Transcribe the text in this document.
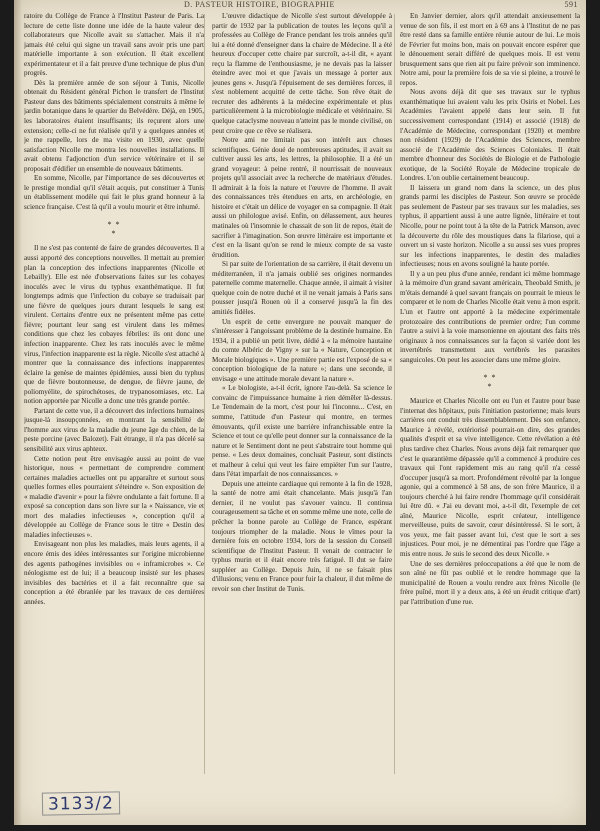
D. PASTEUR HISTOIRE, BIOGRAPHIE	591

ratoire du Collège de France à l'Institut Pasteur de Paris. La lecture de cette liste donne une idée de la haute valeur des collaborateurs que Nicolle avait su s'attacher. Mais il n'a jamais été celui qui signe un travail sans avoir pris une part matérielle importante à son exécution. Il était excellent expérimentateur et il a fait preuve d'une technique de plus d'un progrès.

Dès la première année de son séjour à Tunis, Nicolle obtenait du Résident général Pichon le transfert de l'Institut Pasteur dans des bâtiments spécialement construits à même le jardin botanique dans le quartier du Belvédère. Déjà, en 1905, les laboratoires étaient insuffisants; ils reçurent alors une extension; celle-ci ne fut réalisée qu'il y a quelques années et je me rappelle, lors de ma visite en 1930, avec quelle satisfaction Nicolle me montra les nouvelles installations. Il avait obtenu l'adjonction d'un service vétérinaire et il se proposait d'édifier un ensemble de nouveaux bâtiments.

En somme, Nicolle, par l'importance de ses découvertes et le prestige mondial qu'il s'était acquis, put constituer à Tunis un établissement modèle qui fait le plus grand honneur à la science française. C'est là qu'il a voulu mourir et être inhumé.

* *
*

Il ne s'est pas contenté de faire de grandes découvertes. Il a aussi apporté des conceptions nouvelles. Il mettait au premier plan la conception des infections inapparentes (Nicolle et Lebailly). Elle est née d'observations faites sur les cobayes inoculés avec le virus du typhus exanthématique. Il fut longtemps admis que l'infection du cobaye se traduisait par une fièvre de quelques jours durant lesquels le sang est virulent. Certains d'entre eux ne présentent même pas cette fièvre; pourtant leur sang est virulent dans les mêmes conditions que chez les cobayes fébriles: ils ont donc une infection inapparente. Chez les rats inoculés avec le même virus, l'infection inapparente est la règle. Nicolle s'est attaché à montrer que la connaissance des infections inapparentes éclaire la genèse de maintes épidémies, aussi bien du typhus que de fièvre boutonneuse, de dengue, de fièvre jaune, de poliomyélite, de spirochétoses, de trypanosomiases, etc. La notion apportée par Nicolle a donc une très grande portée.

Partant de cette vue, il a découvert des infections humaines jusque-là insoupçonnées, en montrant la sensibilité de l'homme aux virus de la maladie du jeune âge du chien, de la peste porcine (avec Balozet). Fait étrange, il n'a pas décelé sa sensibilité aux virus aphteux.

Cette notion peut être envisagée aussi au point de vue historique, nous « permettant de comprendre comment certaines maladies actuelles ont pu apparaître et surtout sous quelles formes elles pourraient s'éteindre ». Son exposition de « maladie d'avenir » pour la fièvre ondulante a fait fortune. Il a exposé sa conception dans son livre sur la « Naissance, vie et mort des maladies infectieuses », conception qu'il a développée au Collège de France sous le titre « Destin des maladies infectieuses ».

Envisageant non plus les maladies, mais leurs agents, il a encore émis des idées intéressantes sur l'origine microbienne des agents pathogènes invisibles ou « inframicrobes ». Ce néologisme est de lui; il a beaucoup insisté sur les phases invisibles des bactéries et il a fait reconnaître que sa conception a été ébranlée par les travaux de ces dernières années.

L'œuvre didactique de Nicolle s'est surtout développée à partir de 1932 par la publication de toutes les leçons qu'il a professées au Collège de France pendant les trois années qu'il lui a été donné d'enseigner dans la chaire de Médecine. Il a été heureux d'occuper cette chaire par surcroît, a-t-il dit, « ayant reçu la flamme de l'enthousiasme, je ne devais pas la laisser éteindre avec moi et que j'avais un message à porter aux jeunes gens ». Jusqu'à l'épuisement de ses dernières forces, il s'est noblement acquitté de cette tâche. Son rêve était de recruter des adhérents à la médecine expérimentale et plus particulièrement à la microbiologie médicale et vétérinaire. Si quelque cataclysme nouveau n'atteint pas le monde civilisé, on peut croire que ce rêve se réalisera.

Notre ami ne limitait pas son intérêt aux choses scientifiques. Génie doué de nombreuses aptitudes, il avait su cultiver aussi les arts, les lettres, la philosophie. Il a été un grand voyageur: à peine rentré, il nourrissait de nouveaux projets qu'il associait avec la recherche de matériaux d'études. Il admirait à la fois la nature et l'œuvre de l'homme. Il avait des connaissances très étendues en arts, en archéologie, en histoire et c'était un délice de voyager en sa compagnie. Il était aussi un philologue avisé. Enfin, on délassement, aux heures matinales où l'insomnie le chassait de son lit de repos, était de sacrifier à l'imagination. Son œuvre littéraire est importante et c'est en la lisant qu'on se rend le mieux compte de sa vaste érudition.

Si par suite de l'orientation de sa carrière, il était devenu un méditerranéen, il n'a jamais oublié ses origines normandes paternelle comme maternelle. Chaque année, il aimait à visiter quelque coin de notre duché et il ne venait jamais à Paris sans pousser jusqu'à Rouen où il a conservé jusqu'à la fin des amitiés fidèles.

Un esprit de cette envergure ne pouvait manquer de s'intéresser à l'angoissant problème de la destinée humaine. En 1934, il a publié un petit livre, dédié à « la mémoire hautaine du comte Albéric de Vigny » sur la « Nature, Conception et Morale biologiques ». Une première partie est l'exposé de sa « conception biologique de la nature »; dans une seconde, il envisage « une attitude morale devant la nature ».

« Le biologiste, a-t-il écrit, ignore l'au-delà. Sa science le convainc de l'impuissance humaine à rien démêler là-dessus. Le Tendemain de la mort, c'est pour lui l'inconnu... C'est, en somme, l'attitude d'un Pasteur qui montre, en termes émouvants, qu'il existe une barrière infranchissable entre la Science et tout ce qu'elle peut donner sur la connaissance de la nature et le Sentiment dont ne peut s'abstraire tout homme qui pense. « Les deux domaines, concluait Pasteur, sont distincts et malheur à celui qui veut les faire empiéter l'un sur l'autre, dans l'état imparfait de nos connaissances. »

Depuis une atteinte cardiaque qui remonte à la fin de 1928, la santé de notre ami était chancelante. Mais jusqu'à l'an dernier, il ne voulut pas s'avouer vaincu. Il continua courageusement sa tâche et en somme même une note, celle de prêcher la bonne parole au Collège de France, espérant toujours triompher de la maladie. Nous le vîmes pour la dernière fois en octobre 1934, lors de la session du Conseil scientifique de l'Institut Pasteur. Il venait de contracter le typhus murin et il était encore très fatigué. Il dut se faire suppléer au Collège. Depuis Juin, il ne se faisait plus d'illusions; venu en France pour fuir la chaleur, il dut même de revoir son cher Institut de Tunis.

En Janvier dernier, alors qu'il attendait anxieusement la venue de son fils, il est mort en à 69 ans à l'Institut de ne pas être resté dans sa famille entière réunie autour de lui. Le mois de Février fut moins bon, mais on pouvait encore espérer que le dénouement serait différé de quelques mois. Il est venu brusquement sans que rien ait pu faire prévoir son imminence. Notre ami, pour la première fois de sa vie si pleine, a trouvé le repos.

Nous avons déjà dit que ses travaux sur le typhus exanthématique lui avaient valu les prix Osiris et Nobel. Les Académies l'avaient appelé dans leur sein. Il fut successivement correspondant (1914) et associé (1918) de l'Académie de Médecine, correspondant (1920) et membre non résident (1929) de l'Académie des Sciences, membre associé de l'Académie des Sciences Coloniales. Il était membre d'honneur des Sociétés de Biologie et de Pathologie exotique, de la Société Royale de Médecine tropicale de Londres. L'on oublie certainement beaucoup.

Il laissera un grand nom dans la science, un des plus grands parmi les disciples de Pasteur. Son œuvre se procède pas seulement de Pasteur par ses travaux sur les maladies, ses typhus, il appartient aussi à une autre lignée, littéraire et tout Nicolle, pour ne point tout à la tête de la Patrick Manson, avec la découverte du rôle des moustiques dans la filariose, qui a ouvert un si vaste horizon. Nicolle a su aussi ses vues propres sur les infections inapparentes, le destin des maladies infectieuses; nous en avons souligné la haute portée.

Il y a un peu plus d'une année, rendant ici même hommage à la mémoire d'un grand savant américain, Theobald Smith, je m'étais demandé à quel savant français on pourrait le mieux le comparer et le nom de Charles Nicolle était venu à mon esprit. L'un et l'autre ont apporté à la médecine expérimentale protozoaire des contributions de premier ordre; l'un comme l'autre a suivi à la voie mansonienne en ajoutant des faits très originaux à nos connaissances sur la façon si variée dont les invertébrés transmettent aux vertébrés les parasites sanguicoles. On peut les associer dans une même gloire.

* *
*

Maurice et Charles Nicolle ont eu l'un et l'autre pour base l'internat des hôpitaux, puis l'initiation pastorienne; mais leurs carrières ont conduit très dissemblablement. Dès son enfance, Maurice à révélé, extériorisé pourrait-on dire, des grandes qualités d'esprit et sa vive intelligence. Cette révélation a été plus tardive chez Charles. Nous avons déjà fait remarquer que c'est le quarantième dépassée qu'il a commencé à produire ces travaux qui l'ont rapidement mis au rang qu'il n'a cessé d'occuper jusqu'à sa mort. Profondément révolté par la longue agonie, qui a commencé à 58 ans, de son frère Maurice, il a toujours cherché à lui faire rendre l'hommage qu'il considérait lui être dû. « J'ai eu devant moi, a-t-il dit, l'exemple de cet aîné, Maurice Nicolle, esprit créateur, intelligence merveilleuse, puits de savoir, cœur désintéressé. Si le sort, à vos yeux, me fait passer avant lui, c'est que le sort a ses injustices. Pour moi, je ne démentirai pas l'ordre que l'âge a mis entre nous. Je suis le second des deux Nicolle. »

Une de ses dernières préoccupations a été que le nom de son aîné ne fût pas oublié et le rendre hommage que la municipalité de Rouen a voulu rendre aux frères Nicolle (le frère puîné, mort il y a deux ans, à été un érudit critique d'art) par l'attribution d'une rue.

3133/2
